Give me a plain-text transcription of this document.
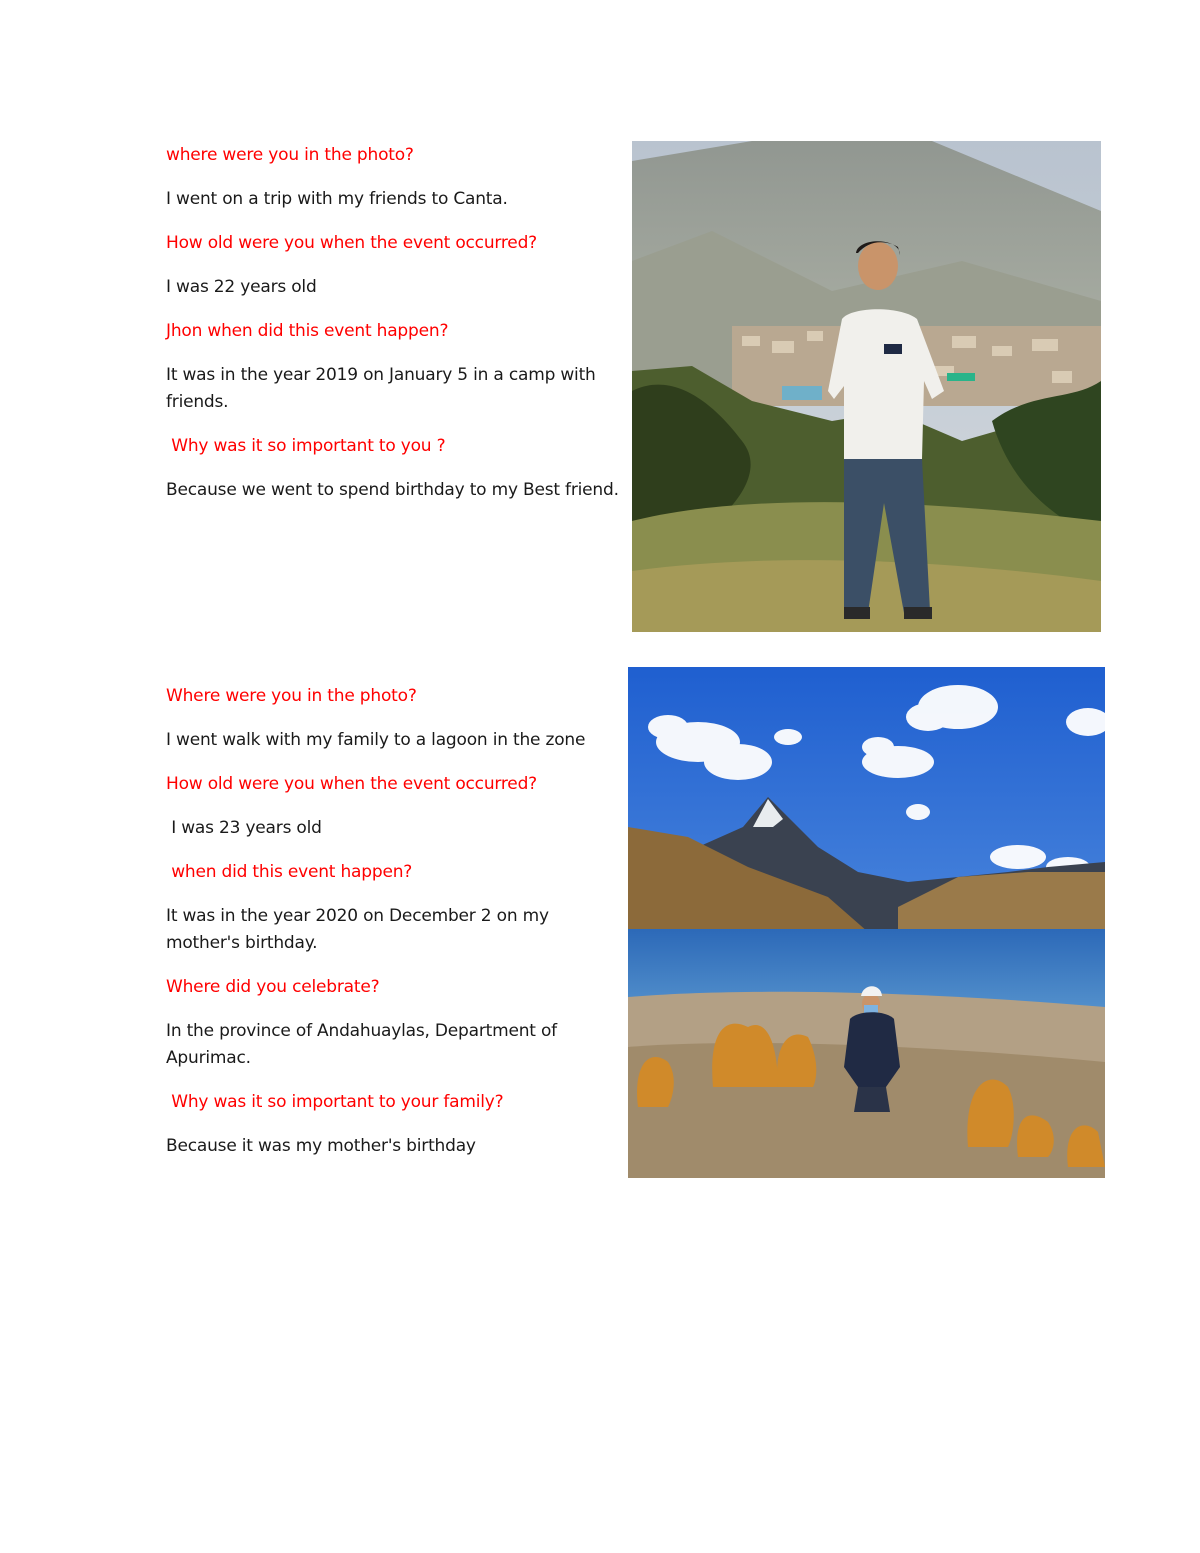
where were you in the photo?

I went on a trip with my friends to Canta.

How old were you when the event occurred?

I was 22 years old

Jhon when did this event happen?

It was in the year 2019 on January 5 in a camp with friends.

Why was it so important to you ?

Because we went to spend birthday to my Best friend.

Where were you in the photo?

I went walk with my family to a lagoon in the zone

How old were you when the event occurred?

I was 23 years old

when did this event happen?

It was in the year 2020 on December 2 on my mother's birthday.

Where did you celebrate?

In the province of Andahuaylas, Department of Apurimac.

Why was it so important to your family?

Because it was my mother's birthday
